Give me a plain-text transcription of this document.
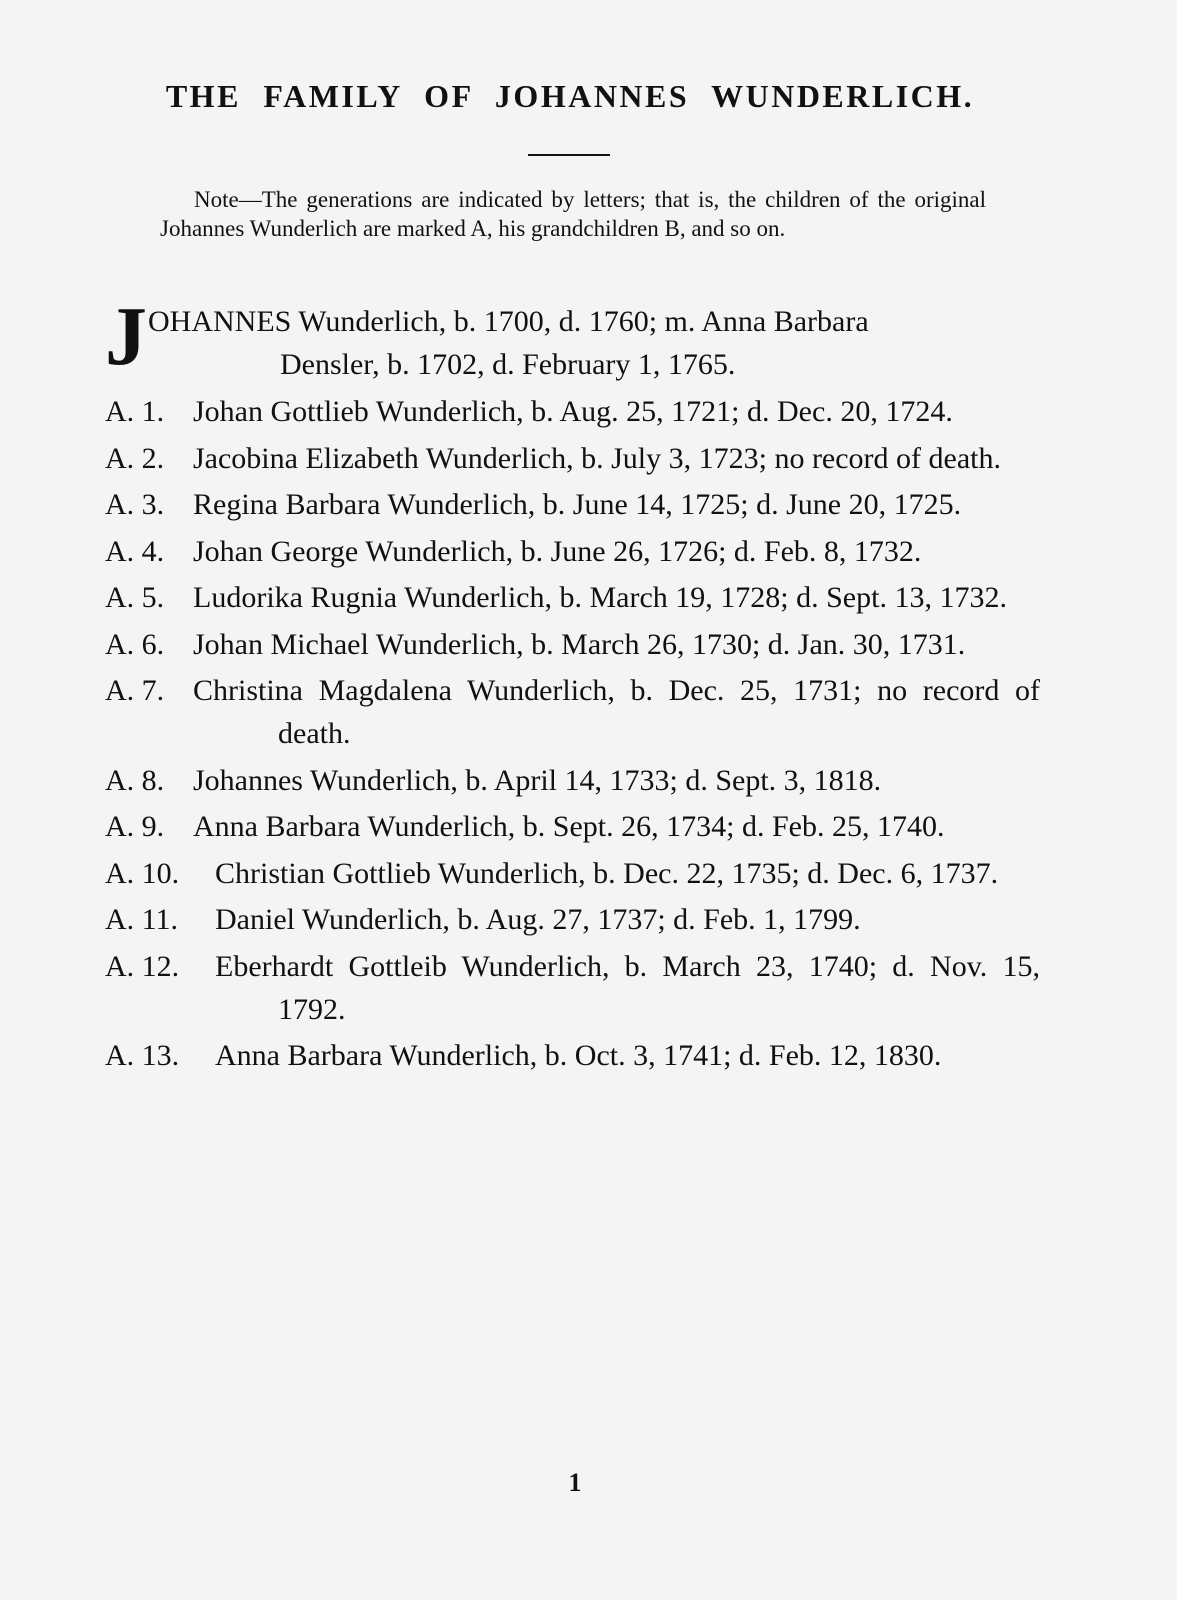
THE FAMILY OF JOHANNES WUNDERLICH.
Note—The generations are indicated by letters; that is, the children of the original Johannes Wunderlich are marked A, his grandchildren B, and so on.
J OHANNES Wunderlich, b. 1700, d. 1760; m. Anna Barbara
Densler, b. 1702, d. February 1, 1765.
A. 1. Johan Gottlieb Wunderlich, b. Aug. 25, 1721; d. Dec. 20, 1724.
A. 2. Jacobina Elizabeth Wunderlich, b. July 3, 1723; no record of death.
A. 3. Regina Barbara Wunderlich, b. June 14, 1725; d. June 20, 1725.
A. 4. Johan George Wunderlich, b. June 26, 1726; d. Feb. 8, 1732.
A. 5. Ludorika Rugnia Wunderlich, b. March 19, 1728; d. Sept. 13, 1732.
A. 6. Johan Michael Wunderlich, b. March 26, 1730; d. Jan. 30, 1731.
A. 7. Christina Magdalena Wunderlich, b. Dec. 25, 1731; no record of death.
A. 8. Johannes Wunderlich, b. April 14, 1733; d. Sept. 3, 1818.
A. 9. Anna Barbara Wunderlich, b. Sept. 26, 1734; d. Feb. 25, 1740.
A. 10. Christian Gottlieb Wunderlich, b. Dec. 22, 1735; d. Dec. 6, 1737.
A. 11. Daniel Wunderlich, b. Aug. 27, 1737; d. Feb. 1, 1799.
A. 12. Eberhardt Gottleib Wunderlich, b. March 23, 1740; d. Nov. 15, 1792.
A. 13. Anna Barbara Wunderlich, b. Oct. 3, 1741; d. Feb. 12, 1830.
1
